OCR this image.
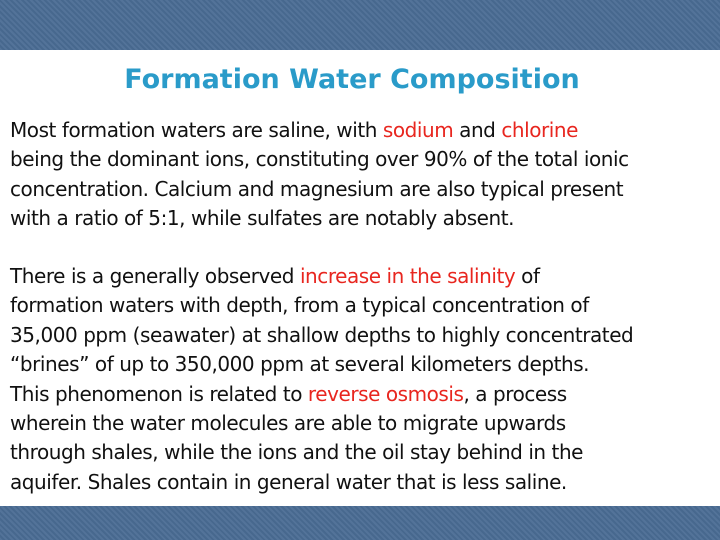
Formation Water Composition
Most formation waters are saline, with sodium and chlorine
being the dominant ions, constituting over 90% of the total ionic
concentration. Calcium and magnesium are also typical present
with a ratio of 5:1, while sulfates are notably absent.
There is a generally observed increase in the salinity of
formation waters with depth, from a typical concentration of
35,000 ppm (seawater) at shallow depths to highly concentrated
“brines” of up to 350,000 ppm at several kilometers depths.
This phenomenon is related to reverse osmosis, a process
wherein the water molecules are able to migrate upwards
through shales, while the ions and the oil stay behind in the
aquifer. Shales contain in general water that is less saline.
